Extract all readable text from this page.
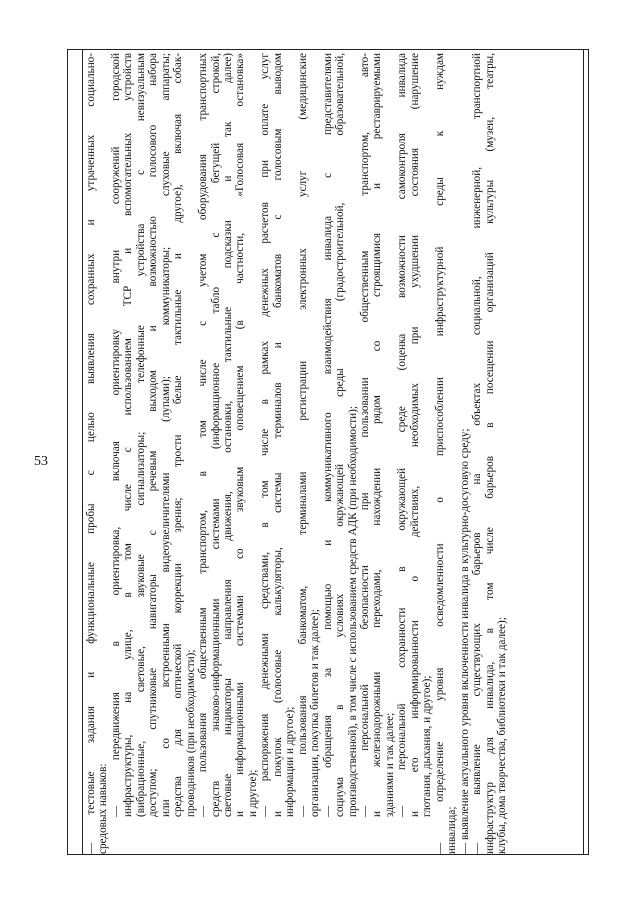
53	— тестовые задания и функциональные пробы с целью выявления сохранных и утраченных социально- средовых навыков: — передвижения в ориентировка, включая ориентировку внутри сооружений городской инфраструктуры, на улице, в том числе с использованием ТСР и вспомогательных устройств (вибрационные, световые, звуковые сигнализаторы; телефонные устройства с невизуальным доступом; спутниковые навигаторы с речевым выходом и возможностью голосового набора или со встроенными видеоувеличителями (лупами); коммуникаторы; слуховые аппараты; средства для оптической коррекции зрения; трости белые тактильные и другое), включая собак- проводников (при необходимости); — пользования общественным транспортом, в том числе с учетом оборудования транспортных средств знаково-информационными системами (информационное табло с бегущей строкой, световые индикаторы направления движения, остановки, тактильные подсказки и так далее) и информационными системами со звуковым оповещением (в частности, «Голосовая остановка» и другое); — распоряжения денежными средствами, в том числе в рамках денежных расчетов при оплате услуг и покупок (голосовые калькуляторы, системы терминалов и банкоматов с голосовым выводом информации и другое); — пользования банкоматом, терминалами регистрации электронных услуг (медицинские организации, покупка билетов и так далее); — обращения за помощью и коммуникативного взаимодействия инвалида с представителями социума в условиях окружающей среды (градостроительной, образовательной, производственной), в том числе с использованием средств АДК (при необходимости); — персональной безопасности при пользовании общественным транспортом, авто- и железнодорожными переходами, нахождении рядом со строящимися и реставрируемыми зданиями и так далее; — персональной сохранности в окружающей среде (оценка возможности самоконтроля инвалида и его информированности о действиях, необходимых при ухудшении состояния (нарушение глотания, дыхания, и другое); — определение уровня осведомленности о приспособлении инфраструктурной среды к нуждам инвалида; — выявление актуального уровня включенности инвалида в культурно-досуговую среду; — выявление существующих барьеров на объектах социальной, инженерной, транспортной инфраструктур для инвалида, в том числе барьеров в посещении организаций культуры (музеи, театры, клубы, дома творчества, библиотеки и так далее);
